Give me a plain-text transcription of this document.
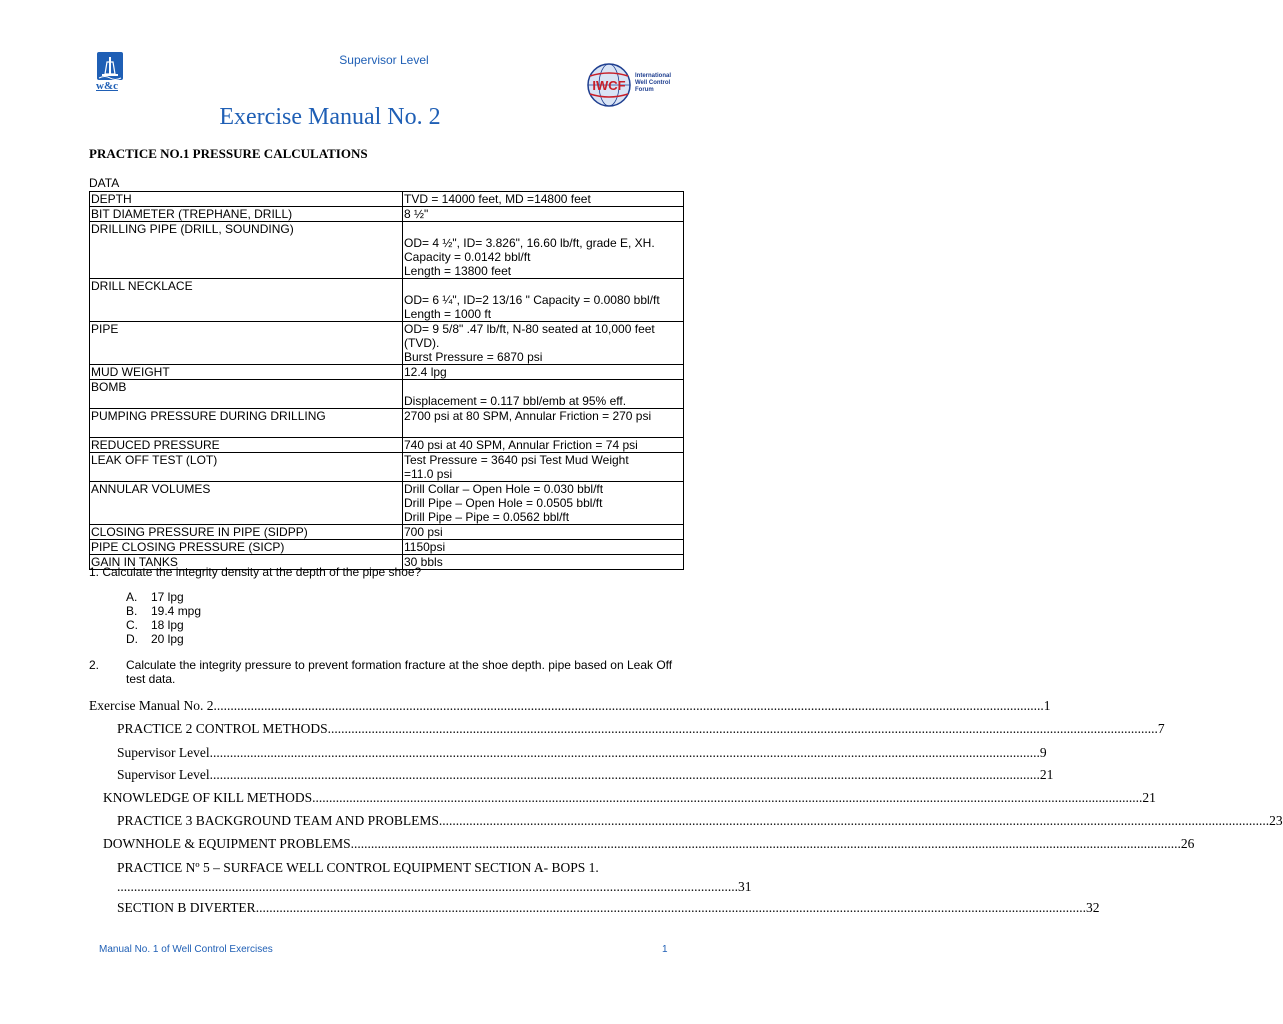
Supervisor Level
w&c	IWCF
International
Well Control
Forum
Exercise Manual No. 2
PRACTICE NO.1 PRESSURE CALCULATIONS
DATA
DEPTH	TVD = 14000 feet, MD =14800 feet

BIT DIAMETER (TREPHANE, DRILL)	8 ½"

DRILLING PIPE (DRILL, SOUNDING)	OD= 4 ½", ID= 3.826", 16.60 lb/ft, grade E, XH.
Capacity = 0.0142 bbl/ft
Length = 13800 feet

DRILL NECKLACE	OD= 6 ¼", ID=2 13/16 " Capacity = 0.0080 bbl/ft
Length = 1000 ft

PIPE	OD= 9 5/8" .47 lb/ft, N-80 seated at 10,000 feet
(TVD).
Burst Pressure = 6870 psi

MUD WEIGHT	12.4 lpg

BOMB	Displacement = 0.117 bbl/emb at 95% eff.

PUMPING PRESSURE DURING DRILLING	2700 psi at 80 SPM, Annular Friction = 270 psi

REDUCED PRESSURE	740 psi at 40 SPM, Annular Friction = 74 psi

LEAK OFF TEST (LOT)	Test Pressure = 3640 psi Test Mud Weight
=11.0 psi

ANNULAR VOLUMES	Drill Collar – Open Hole = 0.030 bbl/ft
Drill Pipe – Open Hole = 0.0505 bbl/ft
Drill Pipe – Pipe = 0.0562 bbl/ft

CLOSING PRESSURE IN PIPE (SIDPP)	700 psi

PIPE CLOSING PRESSURE (SICP)	1150psi

GAIN IN TANKS	30 bbls
1. Calculate the integrity density at the depth of the pipe shoe?
A.	17 lpg
B.	19.4 mpg
C.	18 lpg
D.	20 lpg
2. Calculate the integrity pressure to prevent formation fracture at the shoe depth. pipe based on Leak Off test data.
Exercise Manual No. 2 .....	1
PRACTICE 2 CONTROL METHODS .....	7
Supervisor Level .....	9
Supervisor Level .....	21
KNOWLEDGE OF KILL METHODS .....	21
PRACTICE 3 BACKGROUND TEAM AND PROBLEMS .....	23
DOWNHOLE & EQUIPMENT PROBLEMS .....	26
PRACTICE Nº 5 – SURFACE WELL CONTROL EQUIPMENT SECTION A- BOPS 1.
........................................................................................................................................................................................ 31
SECTION B DIVERTER .....	32
Manual No. 1 of Well Control Exercises	1
